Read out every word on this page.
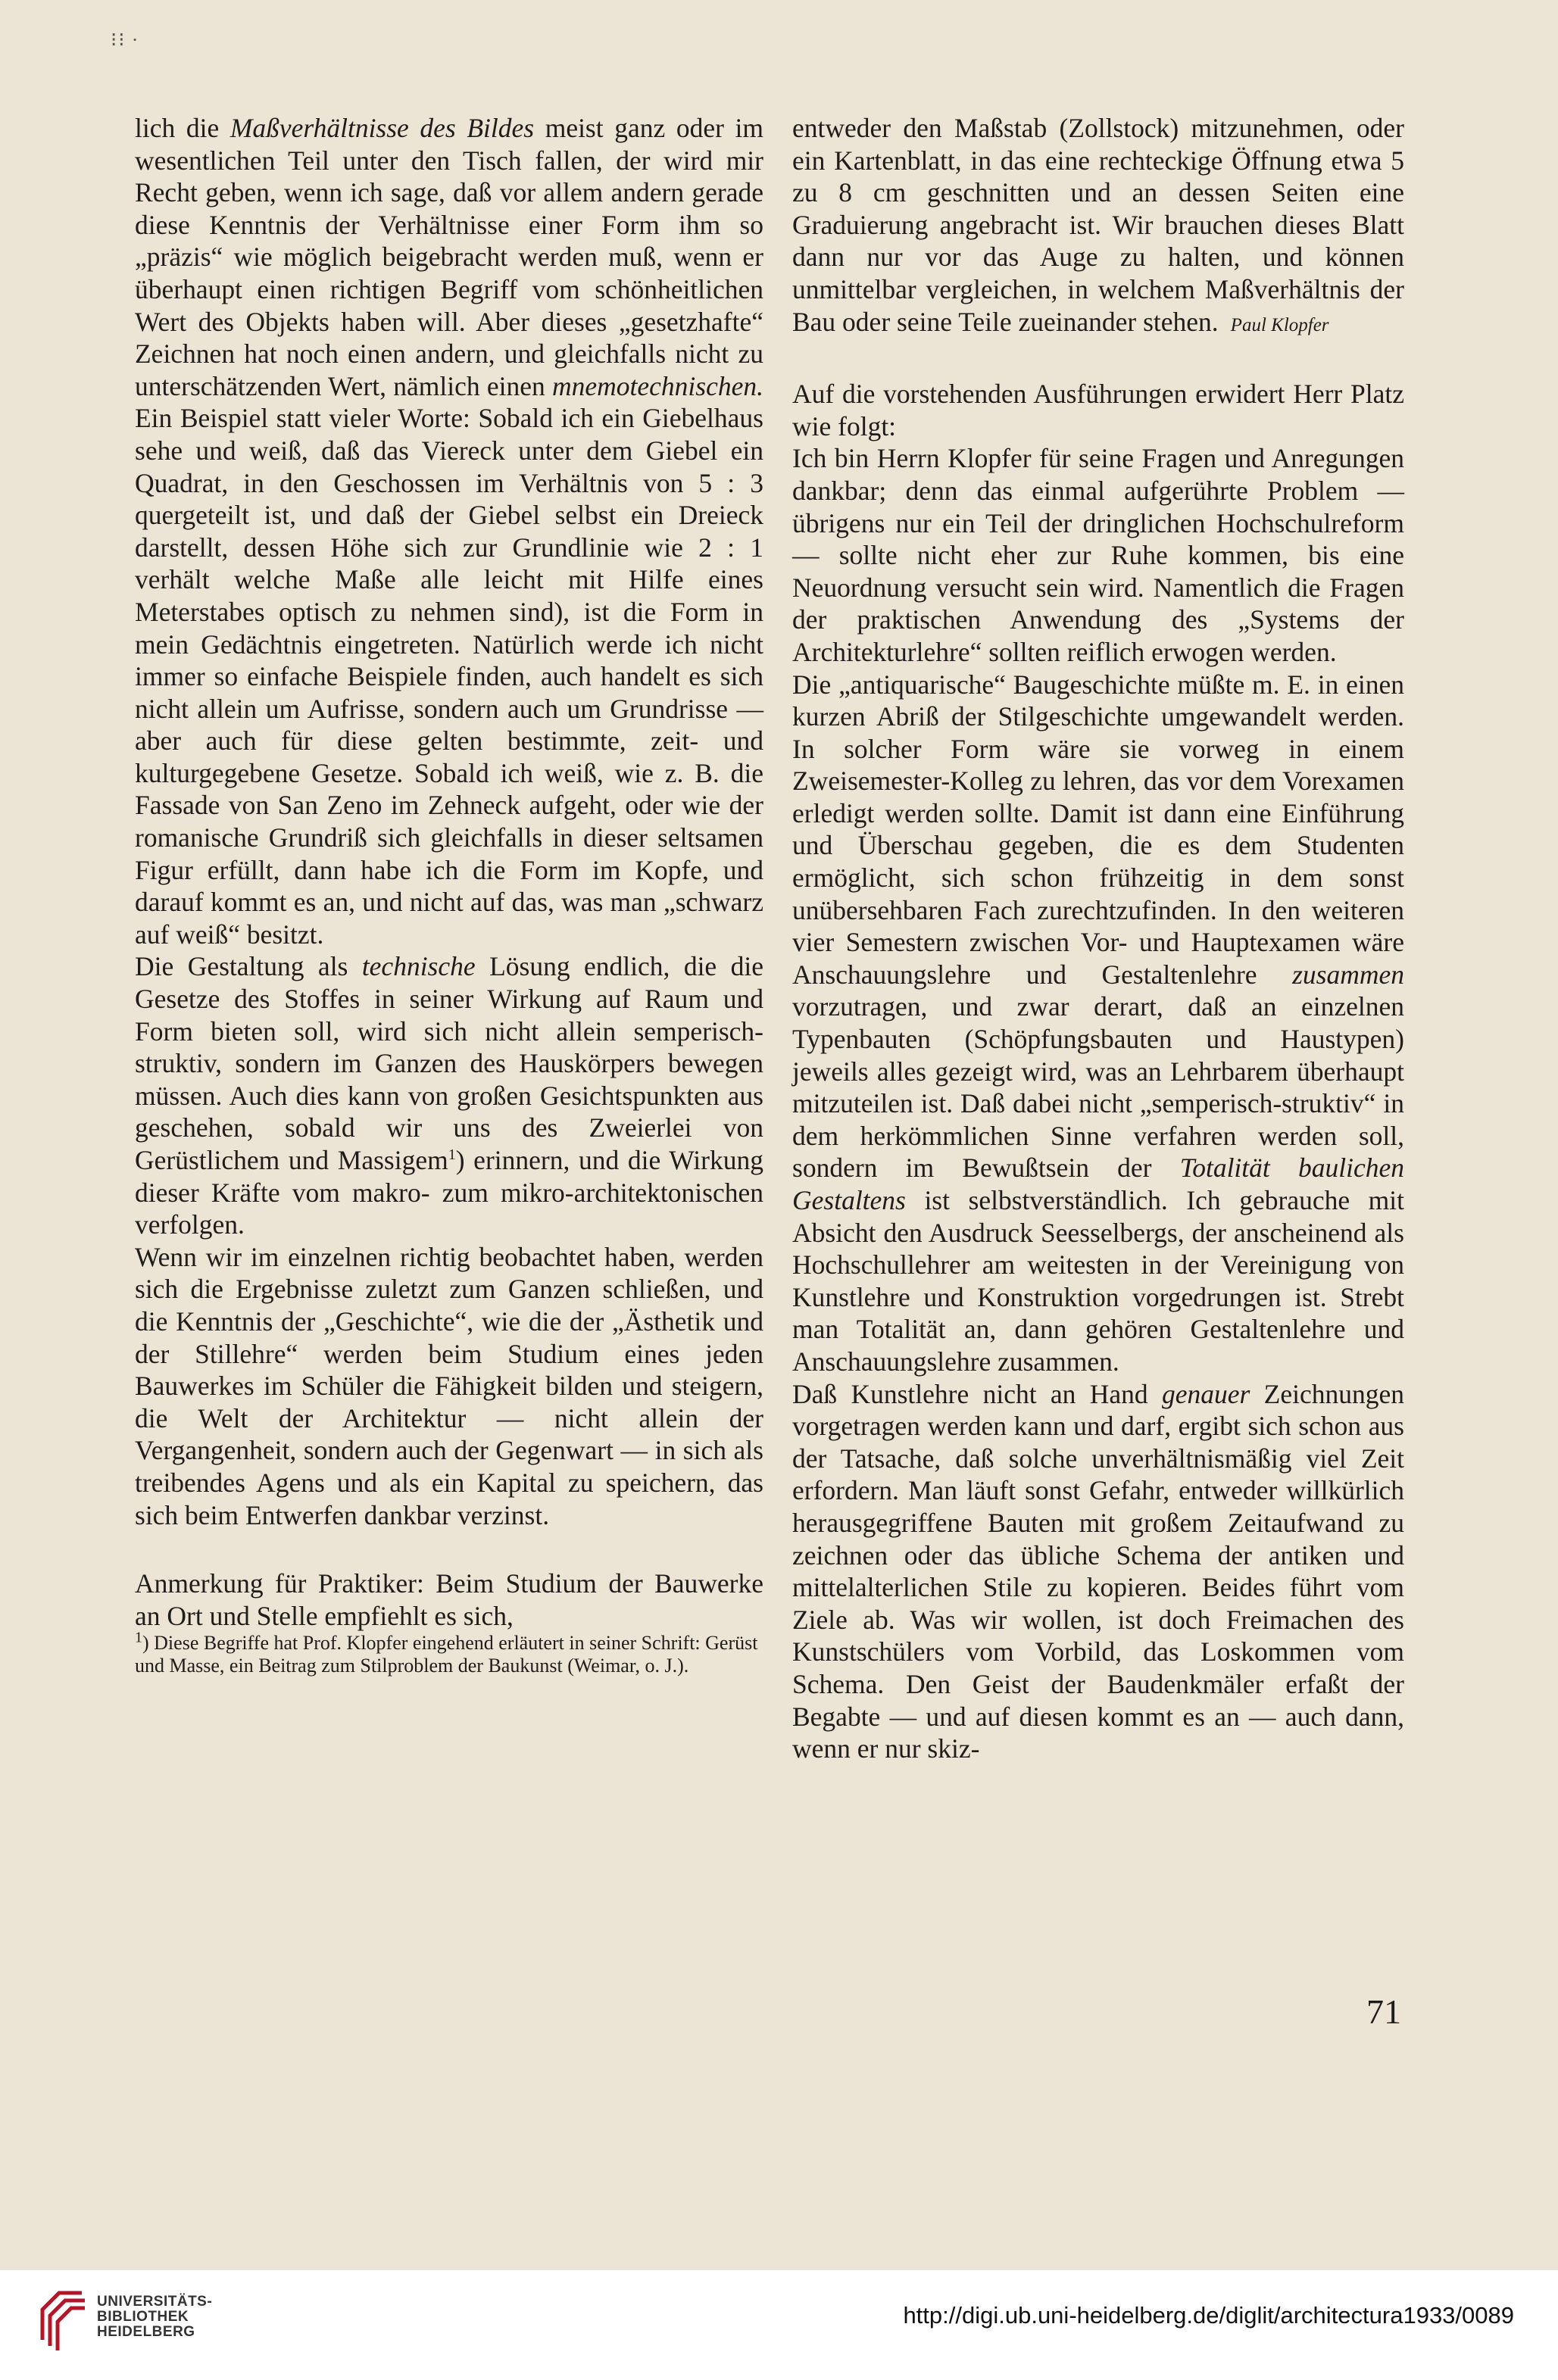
⁝⁝ ·

lich die Maßverhältnisse des Bildes meist ganz oder im wesentlichen Teil unter den Tisch fallen, der wird mir Recht geben, wenn ich sage, daß vor allem andern gerade diese Kenntnis der Verhältnisse einer Form ihm so „präzis“ wie möglich beigebracht werden muß, wenn er überhaupt einen richtigen Begriff vom schönheitlichen Wert des Objekts haben will. Aber dieses „gesetzhafte“ Zeichnen hat noch einen andern, und gleichfalls nicht zu unterschätzenden Wert, nämlich einen mnemotechnischen. Ein Beispiel statt vieler Worte: Sobald ich ein Giebelhaus sehe und weiß, daß das Viereck unter dem Giebel ein Quadrat, in den Geschossen im Verhältnis von 5 : 3 quergeteilt ist, und daß der Giebel selbst ein Dreieck darstellt, dessen Höhe sich zur Grundlinie wie 2 : 1 verhält welche Maße alle leicht mit Hilfe eines Meterstabes optisch zu nehmen sind), ist die Form in mein Gedächtnis eingetreten. Natürlich werde ich nicht immer so einfache Beispiele finden, auch handelt es sich nicht allein um Aufrisse, sondern auch um Grundrisse — aber auch für diese gelten bestimmte, zeit- und kulturgegebene Gesetze. Sobald ich weiß, wie z. B. die Fassade von San Zeno im Zehneck aufgeht, oder wie der romanische Grundriß sich gleichfalls in dieser seltsamen Figur erfüllt, dann habe ich die Form im Kopfe, und darauf kommt es an, und nicht auf das, was man „schwarz auf weiß“ besitzt.

Die Gestaltung als technische Lösung endlich, die die Gesetze des Stoffes in seiner Wirkung auf Raum und Form bieten soll, wird sich nicht allein semperisch-struktiv, sondern im Ganzen des Hauskörpers bewegen müssen. Auch dies kann von großen Gesichtspunkten aus geschehen, sobald wir uns des Zweierlei von Gerüstlichem und Massigem$^1$) erinnern, und die Wirkung dieser Kräfte vom makro- zum mikro-architektonischen verfolgen.

Wenn wir im einzelnen richtig beobachtet haben, werden sich die Ergebnisse zuletzt zum Ganzen schließen, und die Kenntnis der „Geschichte“, wie die der „Ästhetik und der Stillehre“ werden beim Studium eines jeden Bauwerkes im Schüler die Fähigkeit bilden und steigern, die Welt der Architektur — nicht allein der Vergangenheit, sondern auch der Gegenwart — in sich als treibendes Agens und als ein Kapital zu speichern, das sich beim Entwerfen dankbar verzinst.

Anmerkung für Praktiker: Beim Studium der Bauwerke an Ort und Stelle empfiehlt es sich,

$^1$) Diese Begriffe hat Prof. Klopfer eingehend erläutert in seiner Schrift: Gerüst und Masse, ein Beitrag zum Stilproblem der Baukunst (Weimar, o. J.).

entweder den Maßstab (Zollstock) mitzunehmen, oder ein Kartenblatt, in das eine rechteckige Öffnung etwa 5 zu 8 cm geschnitten und an dessen Seiten eine Graduierung angebracht ist. Wir brauchen dieses Blatt dann nur vor das Auge zu halten, und können unmittelbar vergleichen, in welchem Maßverhältnis der Bau oder seine Teile zueinander stehen. Paul Klopfer

Auf die vorstehenden Ausführungen erwidert Herr Platz wie folgt:

Ich bin Herrn Klopfer für seine Fragen und Anregungen dankbar; denn das einmal aufgerührte Problem — übrigens nur ein Teil der dringlichen Hochschulreform — sollte nicht eher zur Ruhe kommen, bis eine Neuordnung versucht sein wird. Namentlich die Fragen der praktischen Anwendung des „Systems der Architekturlehre“ sollten reiflich erwogen werden.

Die „antiquarische“ Baugeschichte müßte m. E. in einen kurzen Abriß der Stilgeschichte umgewandelt werden. In solcher Form wäre sie vorweg in einem Zweisemester-Kolleg zu lehren, das vor dem Vorexamen erledigt werden sollte. Damit ist dann eine Einführung und Überschau gegeben, die es dem Studenten ermöglicht, sich schon frühzeitig in dem sonst unübersehbaren Fach zurechtzufinden. In den weiteren vier Semestern zwischen Vor- und Hauptexamen wäre Anschauungslehre und Gestaltenlehre zusammen vorzutragen, und zwar derart, daß an einzelnen Typenbauten (Schöpfungsbauten und Haustypen) jeweils alles gezeigt wird, was an Lehrbarem überhaupt mitzuteilen ist. Daß dabei nicht „semperisch-struktiv“ in dem herkömmlichen Sinne verfahren werden soll, sondern im Bewußtsein der Totalität baulichen Gestaltens ist selbstverständlich. Ich gebrauche mit Absicht den Ausdruck Seesselbergs, der anscheinend als Hochschullehrer am weitesten in der Vereinigung von Kunstlehre und Konstruktion vorgedrungen ist. Strebt man Totalität an, dann gehören Gestaltenlehre und Anschauungslehre zusammen.

Daß Kunstlehre nicht an Hand genauer Zeichnungen vorgetragen werden kann und darf, ergibt sich schon aus der Tatsache, daß solche unverhältnismäßig viel Zeit erfordern. Man läuft sonst Gefahr, entweder willkürlich herausgegriffene Bauten mit großem Zeitaufwand zu zeichnen oder das übliche Schema der antiken und mittelalterlichen Stile zu kopieren. Beides führt vom Ziele ab. Was wir wollen, ist doch Freimachen des Kunstschülers vom Vorbild, das Loskommen vom Schema. Den Geist der Baudenkmäler erfaßt der Begabte — und auf diesen kommt es an — auch dann, wenn er nur skiz-

71
UNIVERSITÄTS-
BIBLIOTHEK
HEIDELBERG
http://digi.ub.uni-heidelberg.de/diglit/architectura1933/0089
